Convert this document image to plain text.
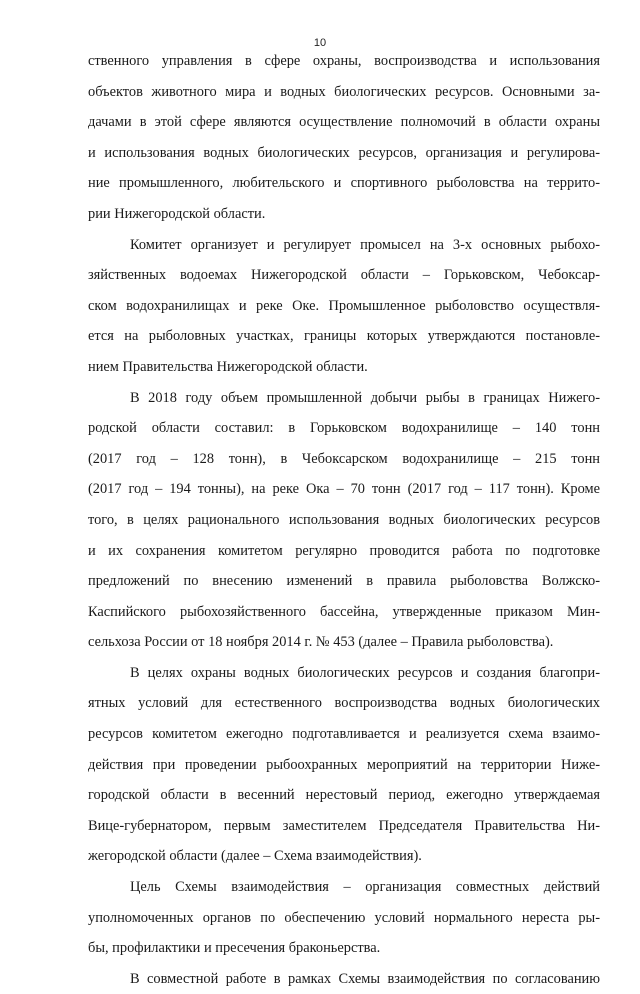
10
ственного управления в сфере охраны, воспроизводства и использования
объектов животного мира и водных биологических ресурсов. Основными за-
дачами в этой сфере являются осуществление полномочий в области охраны
и использования водных биологических ресурсов, организация и регулирова-
ние промышленного, любительского и спортивного рыболовства на террито-
рии Нижегородской области.
Комитет организует и регулирует промысел на 3-х основных рыбохо-
зяйственных водоемах Нижегородской области – Горьковском, Чебоксар-
ском водохранилищах и реке Оке. Промышленное рыболовство осуществля-
ется на рыболовных участках, границы которых утверждаются постановле-
нием Правительства Нижегородской области.
В 2018 году объем промышленной добычи рыбы в границах Нижего-
родской области составил: в Горьковском водохранилище – 140 тонн
(2017 год – 128 тонн), в Чебоксарском водохранилище – 215 тонн
(2017 год – 194 тонны), на реке Ока – 70 тонн (2017 год – 117 тонн). Кроме
того, в целях рационального использования водных биологических ресурсов
и их сохранения комитетом регулярно проводится работа по подготовке
предложений по внесению изменений в правила рыболовства Волжско-
Каспийского рыбохозяйственного бассейна, утвержденные приказом Мин-
сельхоза России от 18 ноября 2014 г. № 453 (далее – Правила рыболовства).
В целях охраны водных биологических ресурсов и создания благопри-
ятных условий для естественного воспроизводства водных биологических
ресурсов комитетом ежегодно подготавливается и реализуется схема взаимо-
действия при проведении рыбоохранных мероприятий на территории Ниже-
городской области в весенний нерестовый период, ежегодно утверждаемая
Вице-губернатором, первым заместителем Председателя Правительства Ни-
жегородской области (далее – Схема взаимодействия).
Цель Схемы взаимодействия – организация совместных действий
уполномоченных органов по обеспечению условий нормального нереста ры-
бы, профилактики и пресечения браконьерства.
В совместной работе в рамках Схемы взаимодействия по согласованию
